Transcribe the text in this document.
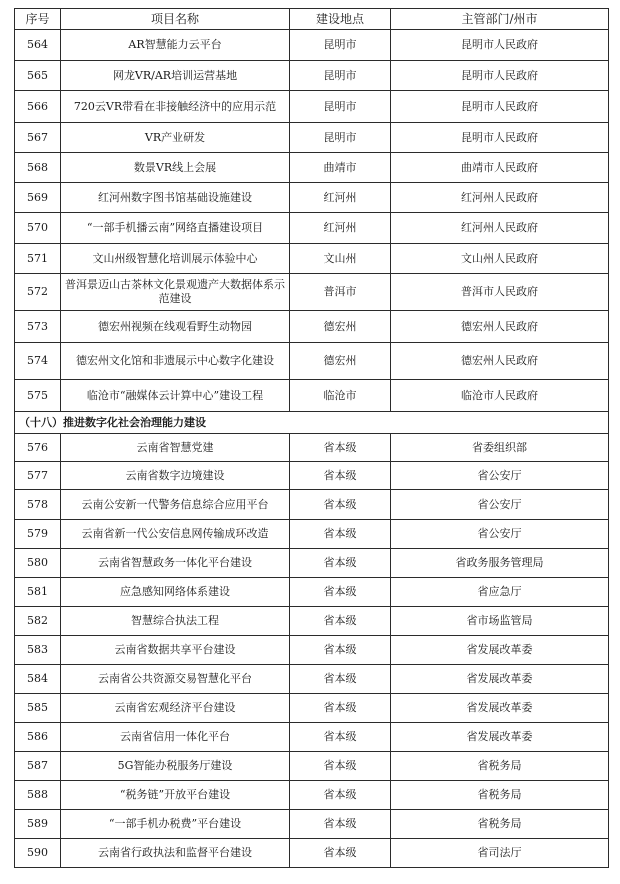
序号	项目名称	建设地点	主管部门/州市
564	AR智慧能力云平台	昆明市	昆明市人民政府
565	网龙VR/AR培训运营基地	昆明市	昆明市人民政府
566	720云VR带看在非接触经济中的应用示范	昆明市	昆明市人民政府
567	VR产业研发	昆明市	昆明市人民政府
568	数景VR线上会展	曲靖市	曲靖市人民政府
569	红河州数字图书馆基础设施建设	红河州	红河州人民政府
570	“一部手机播云南”网络直播建设项目	红河州	红河州人民政府
571	文山州级智慧化培训展示体验中心	文山州	文山州人民政府
572	普洱景迈山古茶林文化景观遗产大数据体系示范建设	普洱市	普洱市人民政府
573	德宏州视频在线观看野生动物园	德宏州	德宏州人民政府
574	德宏州文化馆和非遗展示中心数字化建设	德宏州	德宏州人民政府
575	临沧市“融媒体云计算中心”建设工程	临沧市	临沧市人民政府
（十八）推进数字化社会治理能力建设			
576	云南省智慧党建	省本级	省委组织部
577	云南省数字边境建设	省本级	省公安厅
578	云南公安新一代警务信息综合应用平台	省本级	省公安厅
579	云南省新一代公安信息网传输成环改造	省本级	省公安厅
580	云南省智慧政务一体化平台建设	省本级	省政务服务管理局
581	应急感知网络体系建设	省本级	省应急厅
582	智慧综合执法工程	省本级	省市场监管局
583	云南省数据共享平台建设	省本级	省发展改革委
584	云南省公共资源交易智慧化平台	省本级	省发展改革委
585	云南省宏观经济平台建设	省本级	省发展改革委
586	云南省信用一体化平台	省本级	省发展改革委
587	5G智能办税服务厅建设	省本级	省税务局
588	“税务链”开放平台建设	省本级	省税务局
589	“一部手机办税费”平台建设	省本级	省税务局
590	云南省行政执法和监督平台建设	省本级	省司法厅
